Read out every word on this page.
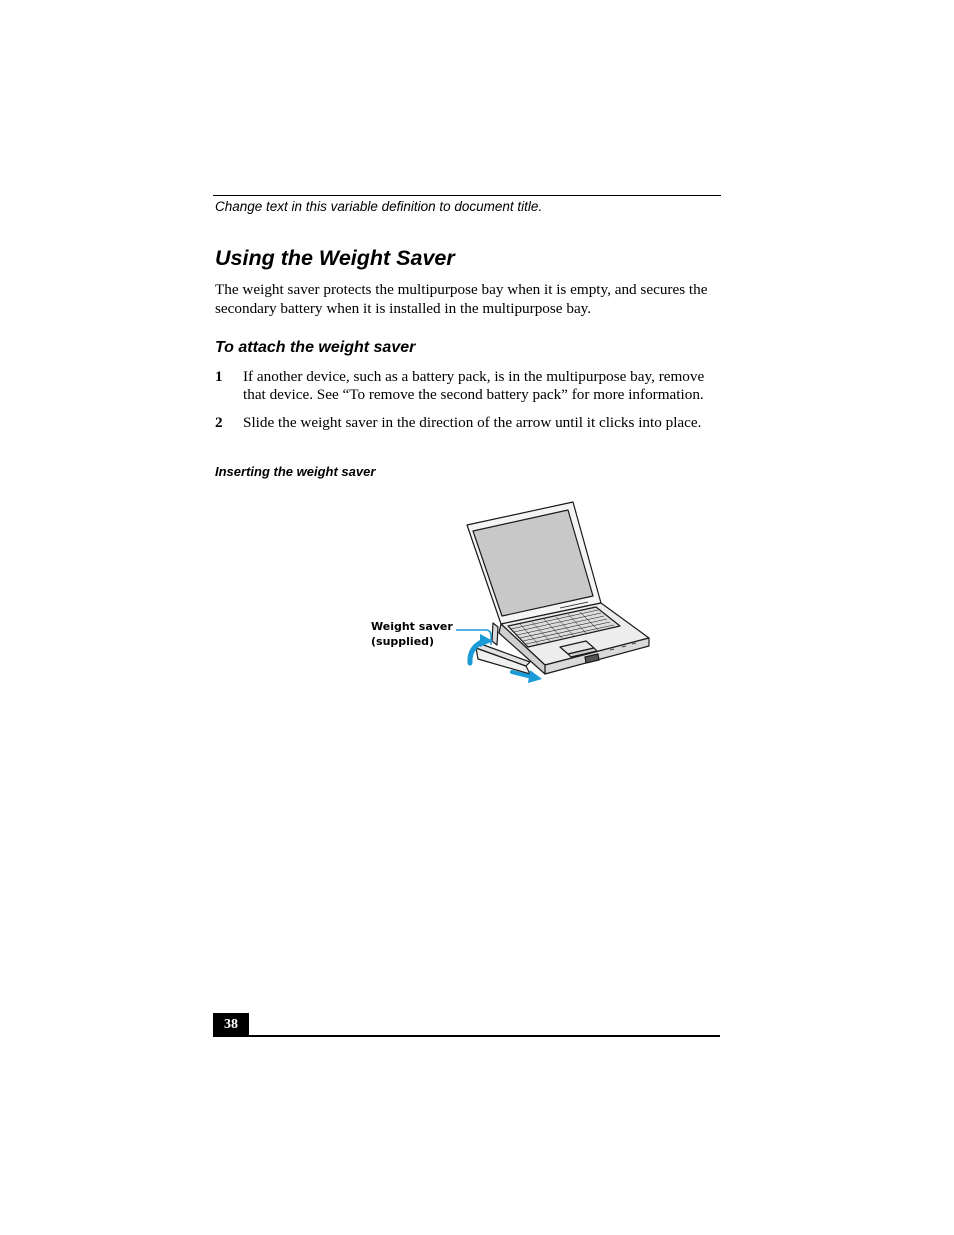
Change text in this variable definition to document title.
Using the Weight Saver

The weight saver protects the multipurpose bay when it is empty, and secures the secondary battery when it is installed in the multipurpose bay.

To attach the weight saver
1 If another device, such as a battery pack, is in the multipurpose bay, remove that device. See “To remove the second battery pack” for more information.
2 Slide the weight saver in the direction of the arrow until it clicks into place.
Inserting the weight saver
Weight saver
(supplied)
38
